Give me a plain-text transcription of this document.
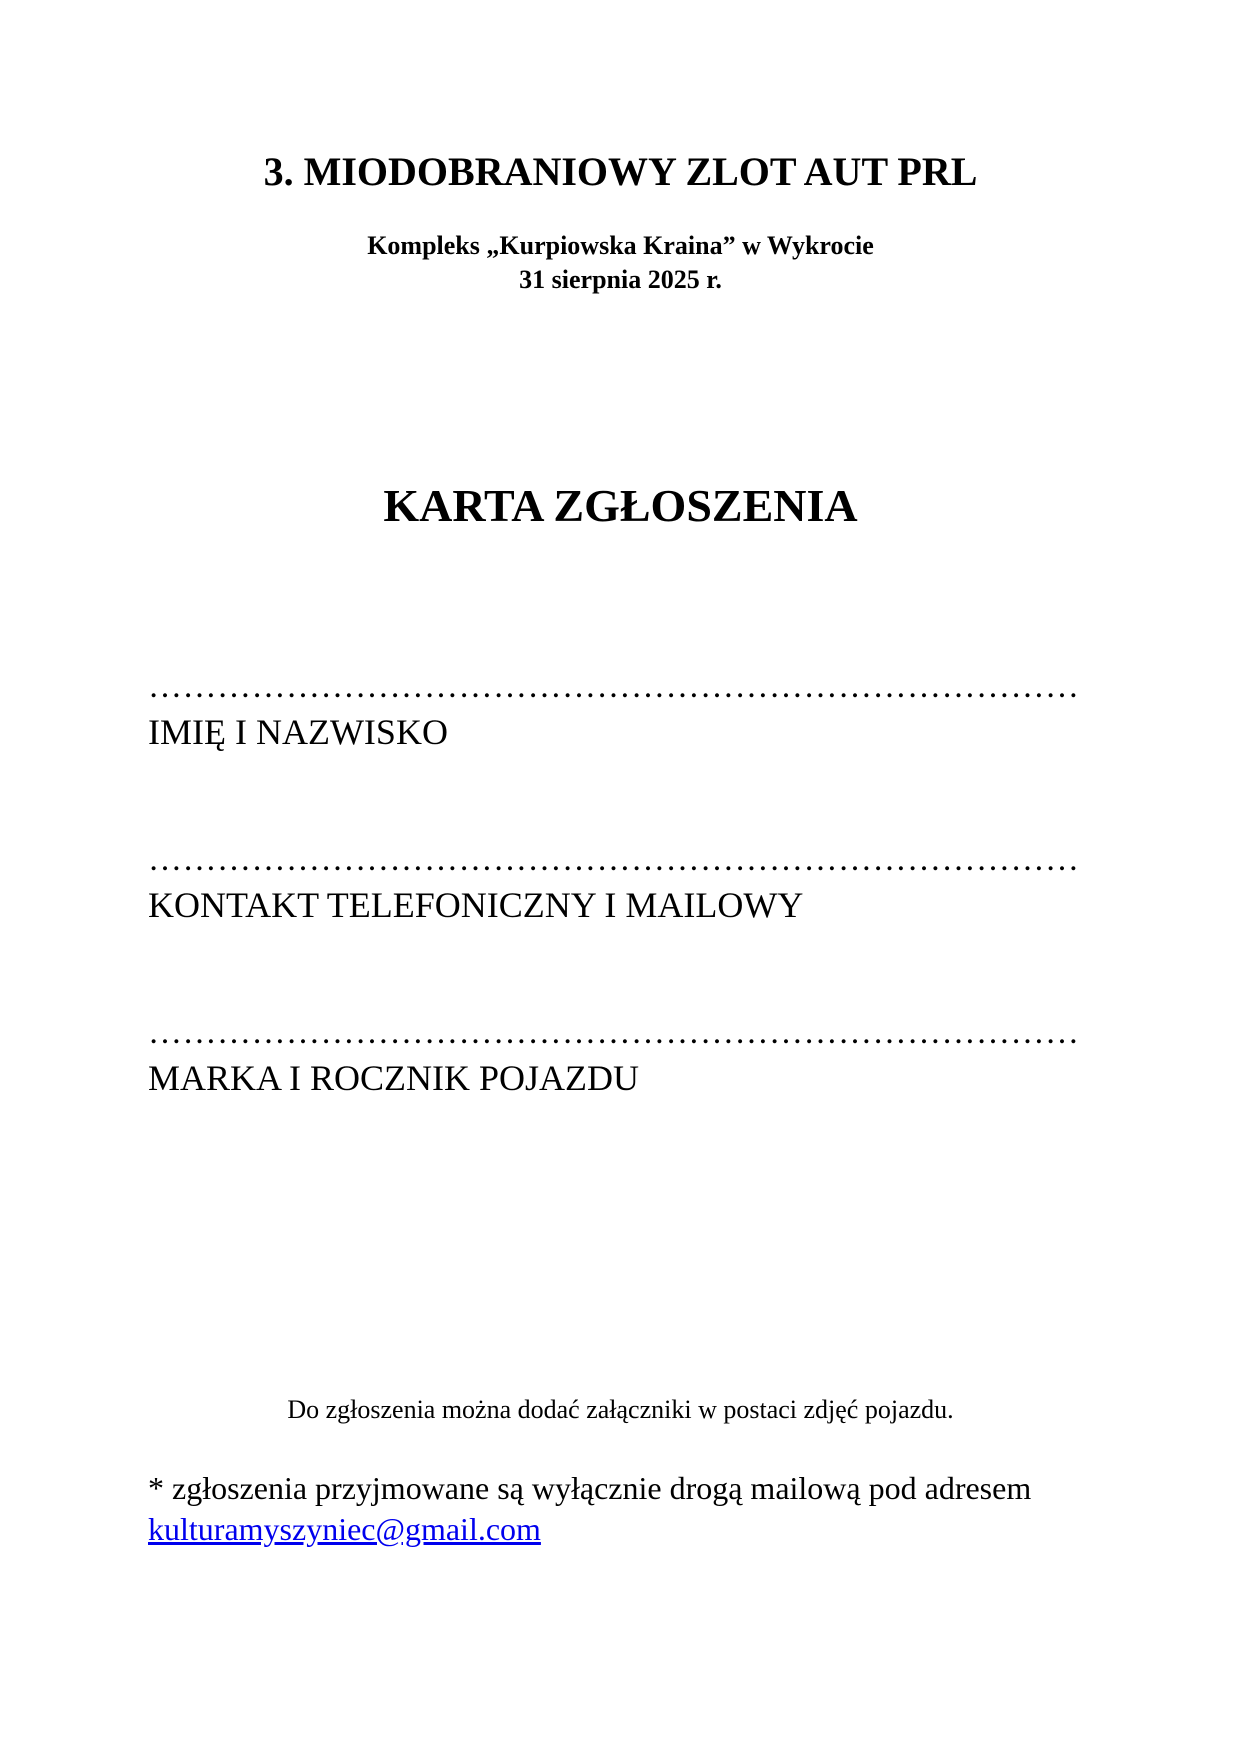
3. MIODOBRANIOWY ZLOT AUT PRL
Kompleks „Kurpiowska Kraina” w Wykrocie
31 sierpnia 2025 r.
KARTA ZGŁOSZENIA
………………………………………………………………………
IMIĘ I NAZWISKO
………………………………………………………………………
KONTAKT TELEFONICZNY I MAILOWY
………………………………………………………………………
MARKA I ROCZNIK POJAZDU
Do zgłoszenia można dodać załączniki w postaci zdjęć pojazdu.
* zgłoszenia przyjmowane są wyłącznie drogą mailową pod adresem
kulturamyszyniec@gmail.com
